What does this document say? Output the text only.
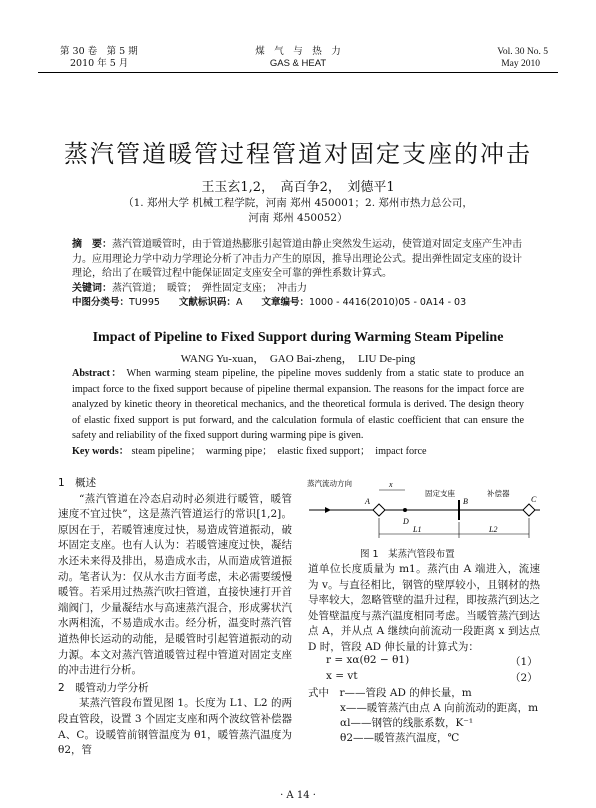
第 30 卷　第 5 期
2010 年 5 月
煤　气　与　热　力
GAS & HEAT
Vol. 30 No. 5
May 2010
蒸汽管道暖管过程管道对固定支座的冲击
王玉玄1,2，　高百争2，　刘德平1
（1. 郑州大学 机械工程学院，河南 郑州 450001；2. 郑州市热力总公司，
河南 郑州 450052）
摘　要：蒸汽管道暖管时，由于管道热膨胀引起管道由静止突然发生运动，使管道对固定支座产生冲击力。应用理论力学中动力学理论分析了冲击力产生的原因，推导出理论公式。提出弹性固定支座的设计理论，给出了在暖管过程中能保证固定支座安全可靠的弹性系数计算式。
关键词：蒸汽管道；　暖管；　弹性固定支座；　冲击力
中图分类号：TU995　　 文献标识码：A　　 文章编号：1000 - 4416(2010)05 - 0A14 - 03
Impact of Pipeline to Fixed Support during Warming Steam Pipeline
WANG Yu-xuan，　GAO Bai-zheng，　LIU De-ping
Abstract： When warming steam pipeline, the pipeline moves suddenly from a static state to produce an impact force to the fixed support because of pipeline thermal expansion. The reasons for the impact force are analyzed by kinetic theory in theoretical mechanics, and the theoretical formula is derived. The design theory of elastic fixed support is put forward, and the calculation formula of elastic coefficient that can ensure the safety and reliability of the fixed support during warming pipe is given.
Key words： steam pipeline；　warming pipe；　elastic fixed support；　impact force
1　概述

“蒸汽管道在冷态启动时必须进行暖管，暖管速度不宜过快”，这是蒸汽管道运行的常识[1,2]。原因在于，若暖管速度过快，易造成管道振动，破坏固定支座。也有人认为：若暖管速度过快，凝结水还未来得及排出，易造成水击，从而造成管道振动。笔者认为：仅从水击方面考虑，未必需要缓慢暖管。若采用过热蒸汽吹扫管道，直接快速打开首端阀门，少量凝结水与高速蒸汽混合，形成雾状汽水两相流，不易造成水击。经分析，温变时蒸汽管道热伸长运动的动能，是暖管时引起管道振动的动力源。本文对蒸汽管道暖管过程中管道对固定支座的冲击进行分析。

2　暖管动力学分析

某蒸汽管段布置见图 1。长度为 L1、L2 的两段直管段，设置 3 个固定支座和两个波纹管补偿器 A、C。设暖管前钢管温度为 θ1，暖管蒸汽温度为 θ2，管

蒸汽流动方向	x
固定支座	补偿器
A	B	C
D
L1	L2
图 1　某蒸汽管段布置

道单位长度质量为 m1。蒸汽由 A 端进入，流速为 v。与直径相比，钢管的壁厚较小，且钢材的热导率较大，忽略管壁的温升过程，即按蒸汽到达之处管壁温度与蒸汽温度相同考虑。当暖管蒸汽到达点 A，并从点 A 继续向前流动一段距离 x 到达点 D 时，管段 AD 伸长量的计算式为：

r = xα(θ2 − θ1)	（1）
x = vt	（2）
式中　r——管段 AD 的伸长量，m
x——暖管蒸汽由点 A 向前流动的距离，m
αl——钢管的线胀系数，K⁻¹
θ2——暖管蒸汽温度，℃
· A 14 ·
